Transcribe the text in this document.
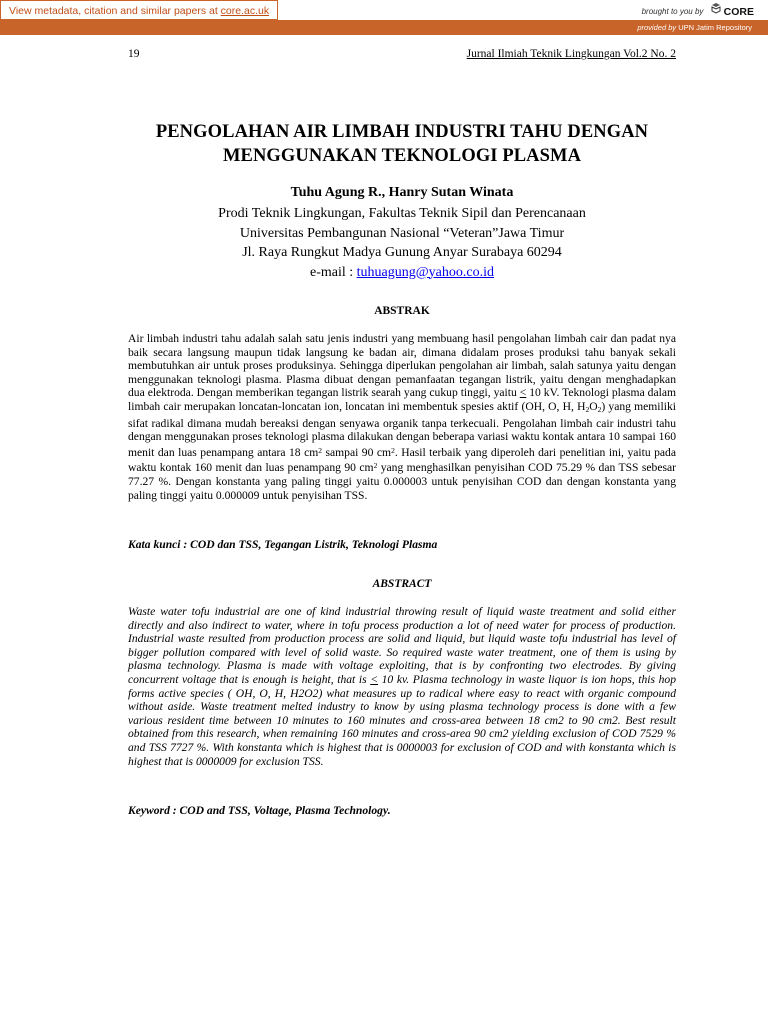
View metadata, citation and similar papers at core.ac.uk	brought to you by CORE
provided by UPN Jatim Repository
19	Jurnal Ilmiah Teknik Lingkungan Vol.2 No. 2
PENGOLAHAN AIR LIMBAH INDUSTRI TAHU DENGAN
MENGGUNAKAN TEKNOLOGI PLASMA
Tuhu Agung R., Hanry Sutan Winata
Prodi Teknik Lingkungan, Fakultas Teknik Sipil dan Perencanaan
Universitas Pembangunan Nasional “Veteran”Jawa Timur
Jl. Raya Rungkut Madya Gunung Anyar Surabaya 60294
e-mail : tuhuagung@yahoo.co.id
ABSTRAK
Air limbah industri tahu adalah salah satu jenis industri yang membuang hasil pengolahan limbah cair dan padat nya baik secara langsung maupun tidak langsung ke badan air, dimana didalam proses produksi tahu banyak sekali membutuhkan air untuk proses produksinya. Sehingga diperlukan pengolahan air limbah, salah satunya yaitu dengan menggunakan teknologi plasma. Plasma dibuat dengan pemanfaatan tegangan listrik, yaitu dengan menghadapkan dua elektroda. Dengan memberikan tegangan listrik searah yang cukup tinggi, yaitu ≤ 10 kV. Teknologi plasma dalam limbah cair merupakan loncatan-loncatan ion, loncatan ini membentuk spesies aktif (OH, O, H, $H_2O_2$) yang memiliki sifat radikal dimana mudah bereaksi dengan senyawa organik tanpa terkecuali. Pengolahan limbah cair industri tahu dengan menggunakan proses teknologi plasma dilakukan dengan beberapa variasi waktu kontak antara 10 sampai 160 menit dan luas penampang antara 18 $cm^2$ sampai 90 $cm^2$. Hasil terbaik yang diperoleh dari penelitian ini, yaitu pada waktu kontak 160 menit dan luas penampang 90 $cm^2$ yang menghasilkan penyisihan COD 75.29 % dan TSS sebesar 77.27 %. Dengan konstanta yang paling tinggi yaitu 0.000003 untuk penyisihan COD dan dengan konstanta yang paling tinggi yaitu 0.000009 untuk penyisihan TSS.
Kata kunci : COD dan TSS, Tegangan Listrik, Teknologi Plasma
ABSTRACT
Waste water tofu industrial are one of kind industrial throwing result of liquid waste treatment and solid either directly and also indirect to water, where in tofu process production a lot of need water for process of production. Industrial waste resulted from production process are solid and liquid, but liquid waste tofu industrial has level of bigger pollution compared with level of solid waste. So required waste water treatment, one of them is using by plasma technology. Plasma is made with voltage exploiting, that is by confronting two electrodes. By giving concurrent voltage that is enough is height, that is ≤ 10 kv. Plasma technology in waste liquor is ion hops, this hop forms active species ( OH, O, H, H2O2) what measures up to radical where easy to react with organic compound without aside. Waste treatment melted industry to know by using plasma technology process is done with a few various resident time between 10 minutes to 160 minutes and cross-area between 18 cm2 to 90 cm2. Best result obtained from this research, when remaining 160 minutes and cross-area 90 cm2 yielding exclusion of COD 7529 % and TSS 7727 %. With konstanta which is highest that is 0000003 for exclusion of COD and with konstanta which is highest that is 0000009 for exclusion TSS.
Keyword : COD and TSS, Voltage, Plasma Technology.
